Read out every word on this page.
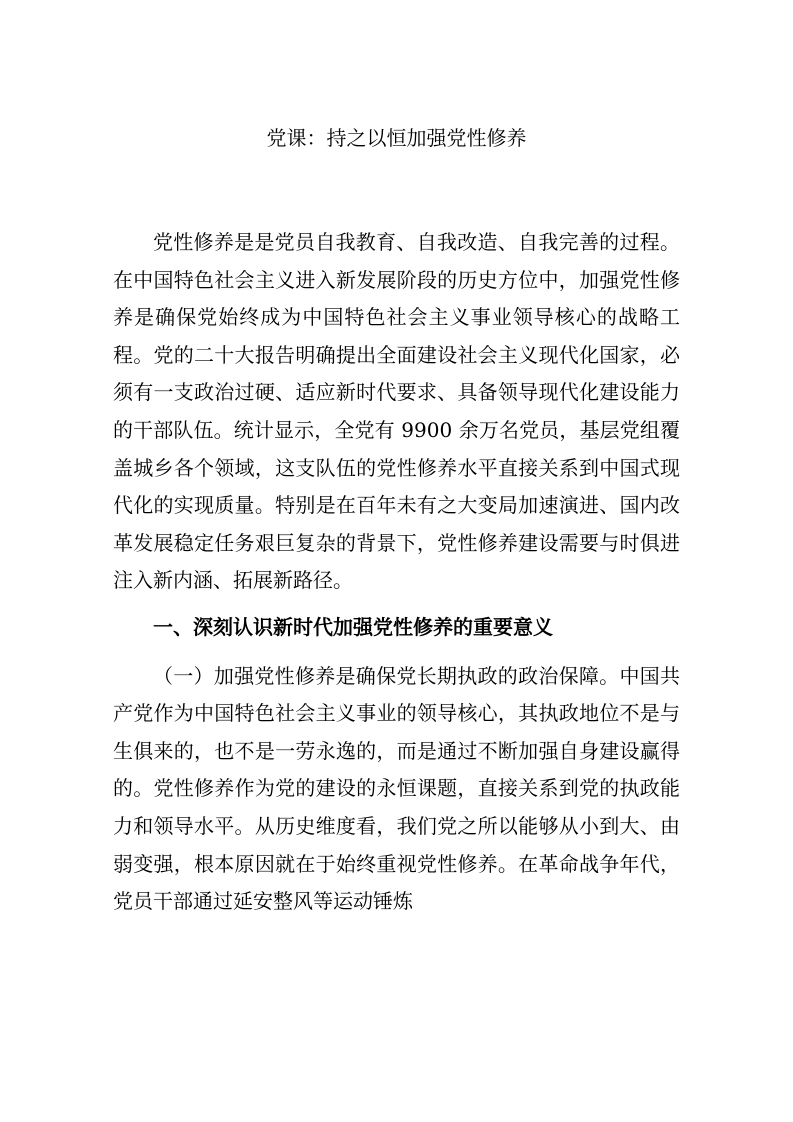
党课：持之以恒加强党性修养

党性修养是是党员自我教育、自我改造、自我完善的过程。在中国特色社会主义进入新发展阶段的历史方位中，加强党性修养是确保党始终成为中国特色社会主义事业领导核心的战略工程。党的二十大报告明确提出全面建设社会主义现代化国家，必须有一支政治过硬、适应新时代要求、具备领导现代化建设能力的干部队伍。统计显示，全党有 9900 余万名党员，基层党组覆盖城乡各个领域，这支队伍的党性修养水平直接关系到中国式现代化的实现质量。特别是在百年未有之大变局加速演进、国内改革发展稳定任务艰巨复杂的背景下，党性修养建设需要与时俱进注入新内涵、拓展新路径。

一、深刻认识新时代加强党性修养的重要意义

（一）加强党性修养是确保党长期执政的政治保障。中国共产党作为中国特色社会主义事业的领导核心，其执政地位不是与生俱来的，也不是一劳永逸的，而是通过不断加强自身建设赢得的。党性修养作为党的建设的永恒课题，直接关系到党的执政能力和领导水平。从历史维度看，我们党之所以能够从小到大、由弱变强，根本原因就在于始终重视党性修养。在革命战争年代，党员干部通过延安整风等运动锤炼
